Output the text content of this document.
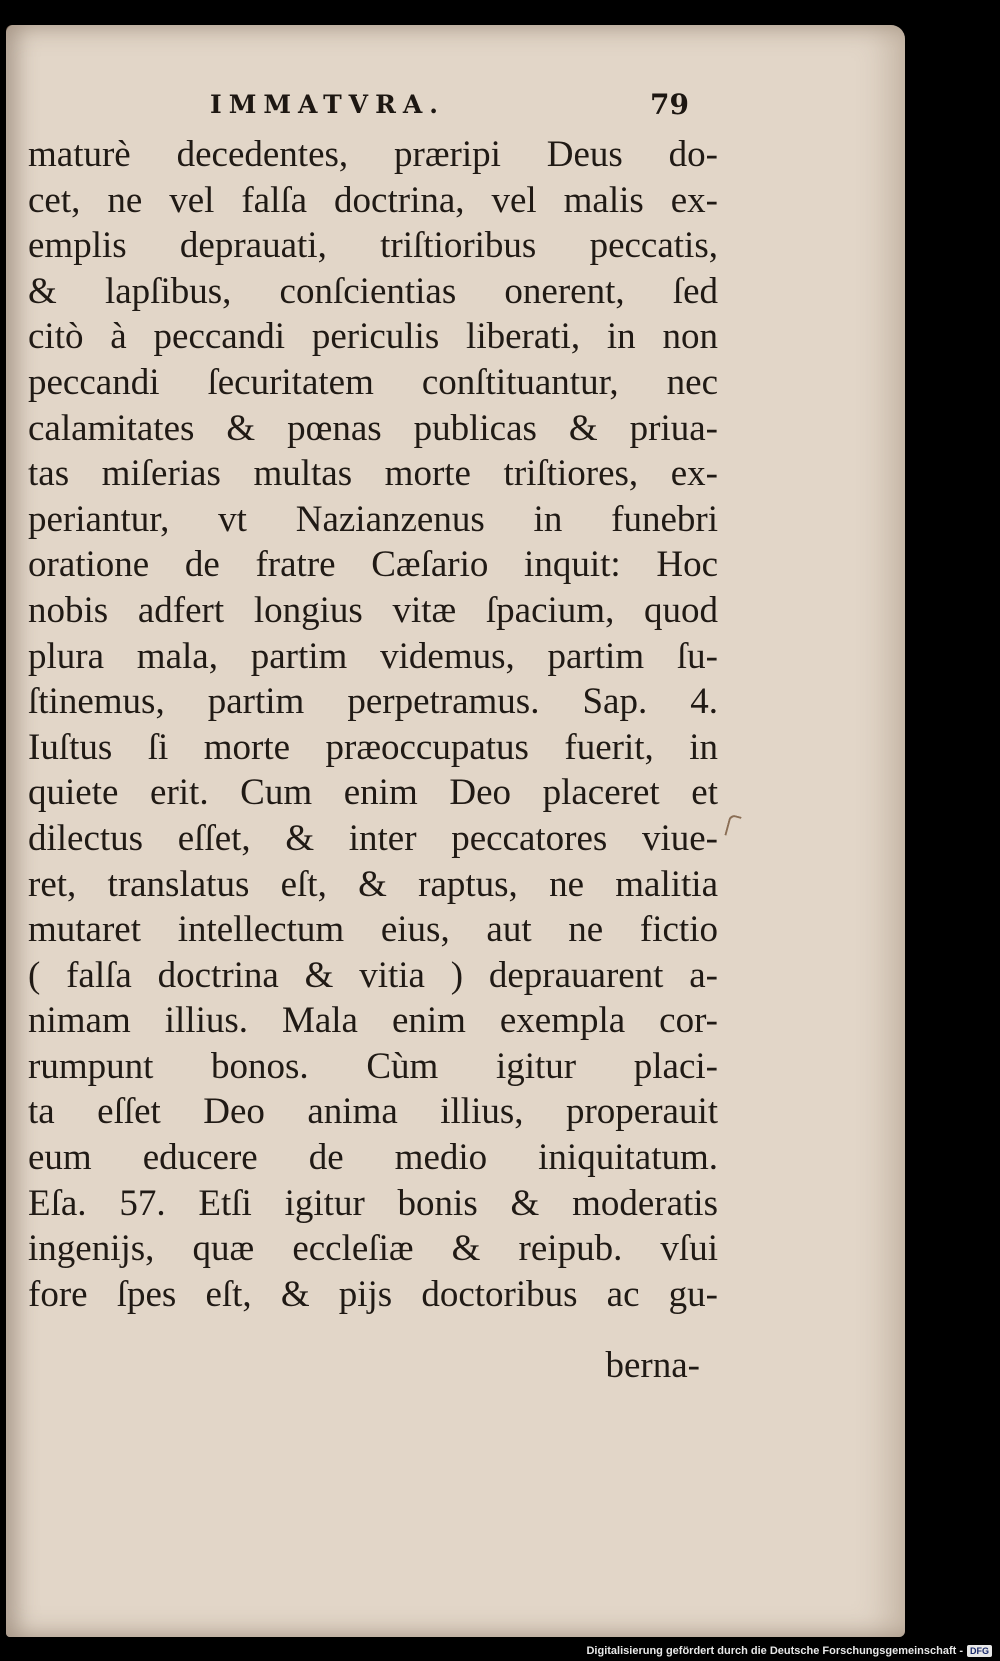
IMMATVRA.	79
maturè decedentes, præripi Deus do-
cet, ne vel falſa doctrina, vel malis ex-
emplis deprauati, triſtioribus peccatis,
& lapſibus, conſcientias onerent, ſed
citò à peccandi periculis liberati, in non
peccandi ſecuritatem conſtituantur, nec
calamitates & pœnas publicas & priua-
tas miſerias multas morte triſtiores, ex-
periantur, vt Nazianzenus in funebri
oratione de fratre Cæſario inquit: Hoc
nobis adfert longius vitæ ſpacium, quod
plura mala, partim videmus, partim ſu-
ſtinemus, partim perpetramus. Sap. 4.
Iuſtus ſi morte præoccupatus fuerit, in
quiete erit. Cum enim Deo placeret et
dilectus eſſet, & inter peccatores viue-
ret, translatus eſt, & raptus, ne malitia
mutaret intellectum eius, aut ne fictio
( falſa doctrina & vitia ) deprauarent a-
nimam illius. Mala enim exempla cor-
rumpunt bonos. Cùm igitur placi-
ta eſſet Deo anima illius, properauit
eum educere de medio iniquitatum.
Eſa. 57. Etſi igitur bonis & moderatis
ingenijs, quæ eccleſiæ & reipub. vſui
fore ſpes eſt, & pijs doctoribus ac gu-
berna-
Digitalisierung gefördert durch die Deutsche Forschungsgemeinschaft - DFG
